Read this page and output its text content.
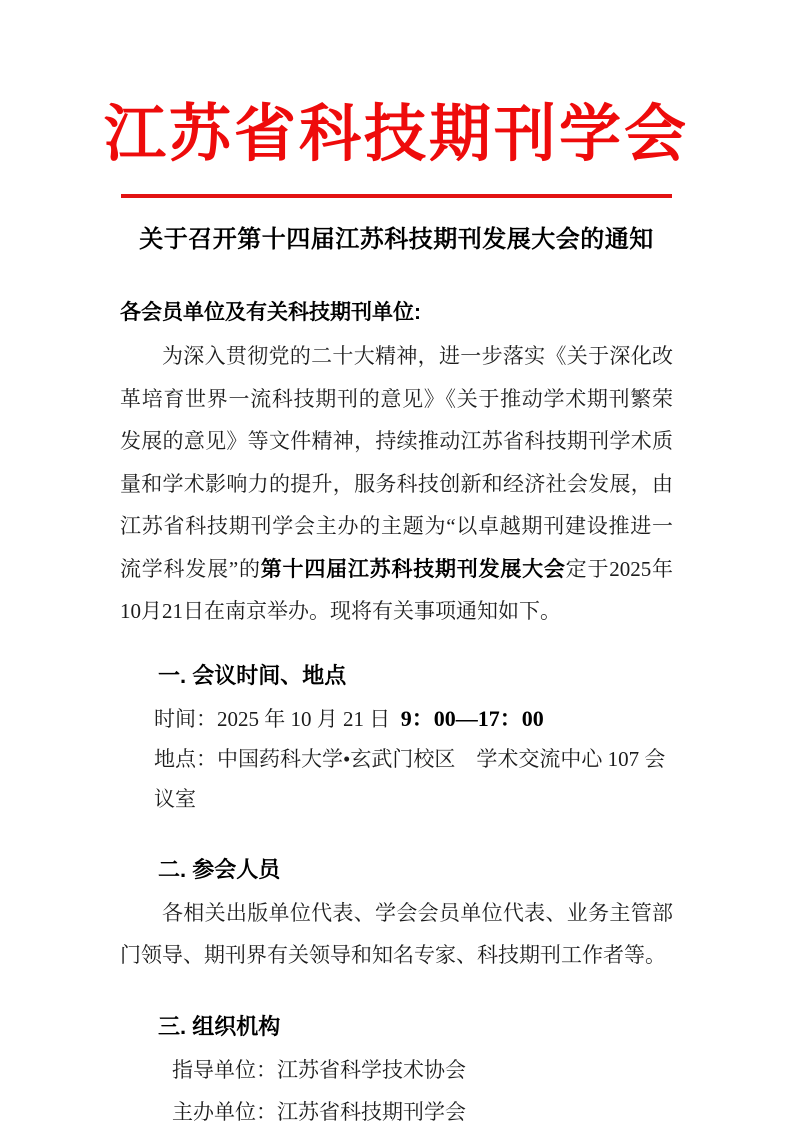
江苏省科技期刊学会
关于召开第十四届江苏科技期刊发展大会的通知
各会员单位及有关科技期刊单位:

为深入贯彻党的二十大精神，进一步落实《关于深化改革培育世界一流科技期刊的意见》《关于推动学术期刊繁荣发展的意见》等文件精神，持续推动江苏省科技期刊学术质量和学术影响力的提升，服务科技创新和经济社会发展，由江苏省科技期刊学会主办的主题为“以卓越期刊建设推进一流学科发展”的第十四届江苏科技期刊发展大会定于2025年10月21日在南京举办。现将有关事项通知如下。

一. 会议时间、地点
时间：2025 年 10 月 21 日  9：00—17：00
地点：中国药科大学•玄武门校区　学术交流中心 107 会议室
二. 参会人员

各相关出版单位代表、学会会员单位代表、业务主管部门领导、期刊界有关领导和知名专家、科技期刊工作者等。

三. 组织机构
指导单位：江苏省科学技术协会
主办单位：江苏省科技期刊学会
